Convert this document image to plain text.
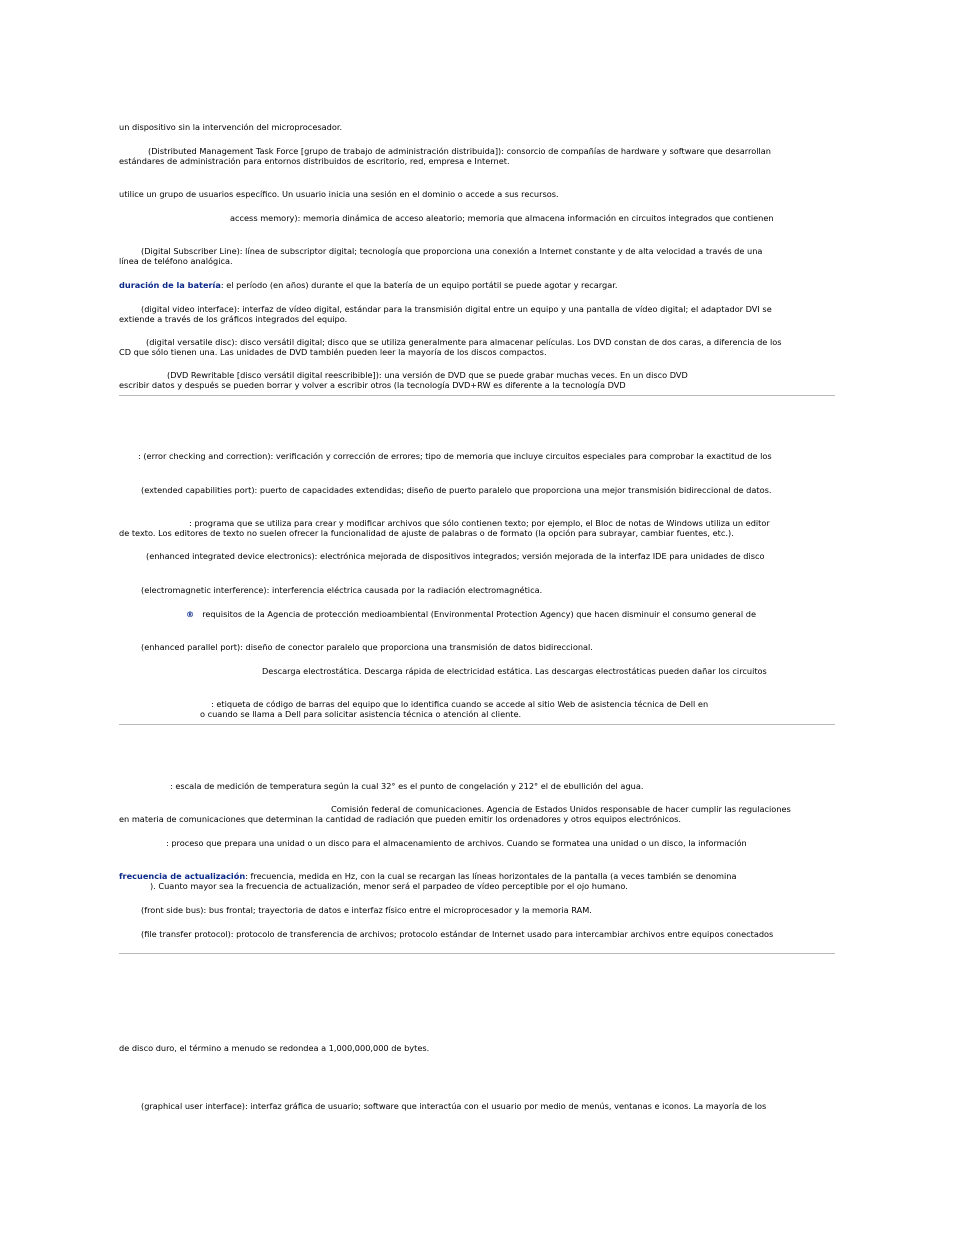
un dispositivo sin la intervención del microprocesador.
(Distributed Management Task Force [grupo de trabajo de administración distribuida]): consorcio de compañías de hardware y software que desarrollan
estándares de administración para entornos distribuidos de escritorio, red, empresa e Internet.
utilice un grupo de usuarios específico. Un usuario inicia una sesión en el dominio o accede a sus recursos.
access memory): memoria dinámica de acceso aleatorio; memoria que almacena información en circuitos integrados que contienen
(Digital Subscriber Line): línea de subscriptor digital; tecnología que proporciona una conexión a Internet constante y de alta velocidad a través de una
línea de teléfono analógica.
duración de la batería: el período (en años) durante el que la batería de un equipo portátil se puede agotar y recargar.
(digital video interface): interfaz de vídeo digital, estándar para la transmisión digital entre un equipo y una pantalla de vídeo digital; el adaptador DVI se
extiende a través de los gráficos integrados del equipo.
(digital versatile disc): disco versátil digital; disco que se utiliza generalmente para almacenar películas. Los DVD constan de dos caras, a diferencia de los
CD que sólo tienen una. Las unidades de DVD también pueden leer la mayoría de los discos compactos.
(DVD Rewritable [disco versátil digital reescribible]): una versión de DVD que se puede grabar muchas veces. En un disco DVD
escribir datos y después se pueden borrar y volver a escribir otros (la tecnología DVD+RW es diferente a la tecnología DVD
: (error checking and correction): verificación y corrección de errores; tipo de memoria que incluye circuitos especiales para comprobar la exactitud de los
(extended capabilities port): puerto de capacidades extendidas; diseño de puerto paralelo que proporciona una mejor transmisión bidireccional de datos.
: programa que se utiliza para crear y modificar archivos que sólo contienen texto; por ejemplo, el Bloc de notas de Windows utiliza un editor
de texto. Los editores de texto no suelen ofrecer la funcionalidad de ajuste de palabras o de formato (la opción para subrayar, cambiar fuentes, etc.).
(enhanced integrated device electronics): electrónica mejorada de dispositivos integrados; versión mejorada de la interfaz IDE para unidades de disco
(electromagnetic interference): interferencia eléctrica causada por la radiación electromagnética.
® requisitos de la Agencia de protección medioambiental (Environmental Protection Agency) que hacen disminuir el consumo general de
(enhanced parallel port): diseño de conector paralelo que proporciona una transmisión de datos bidireccional.
Descarga electrostática. Descarga rápida de electricidad estática. Las descargas electrostáticas pueden dañar los circuitos
: etiqueta de código de barras del equipo que lo identifica cuando se accede al sitio Web de asistencia técnica de Dell en
o cuando se llama a Dell para solicitar asistencia técnica o atención al cliente.
: escala de medición de temperatura según la cual 32° es el punto de congelación y 212° el de ebullición del agua.
Comisión federal de comunicaciones. Agencia de Estados Unidos responsable de hacer cumplir las regulaciones
en materia de comunicaciones que determinan la cantidad de radiación que pueden emitir los ordenadores y otros equipos electrónicos.
: proceso que prepara una unidad o un disco para el almacenamiento de archivos. Cuando se formatea una unidad o un disco, la información
frecuencia de actualización: frecuencia, medida en Hz, con la cual se recargan las líneas horizontales de la pantalla (a veces también se denomina
). Cuanto mayor sea la frecuencia de actualización, menor será el parpadeo de vídeo perceptible por el ojo humano.
(front side bus): bus frontal; trayectoria de datos e interfaz físico entre el microprocesador y la memoria RAM.
(file transfer protocol): protocolo de transferencia de archivos; protocolo estándar de Internet usado para intercambiar archivos entre equipos conectados
de disco duro, el término a menudo se redondea a 1,000,000,000 de bytes.
(graphical user interface): interfaz gráfica de usuario; software que interactúa con el usuario por medio de menús, ventanas e iconos. La mayoría de los
